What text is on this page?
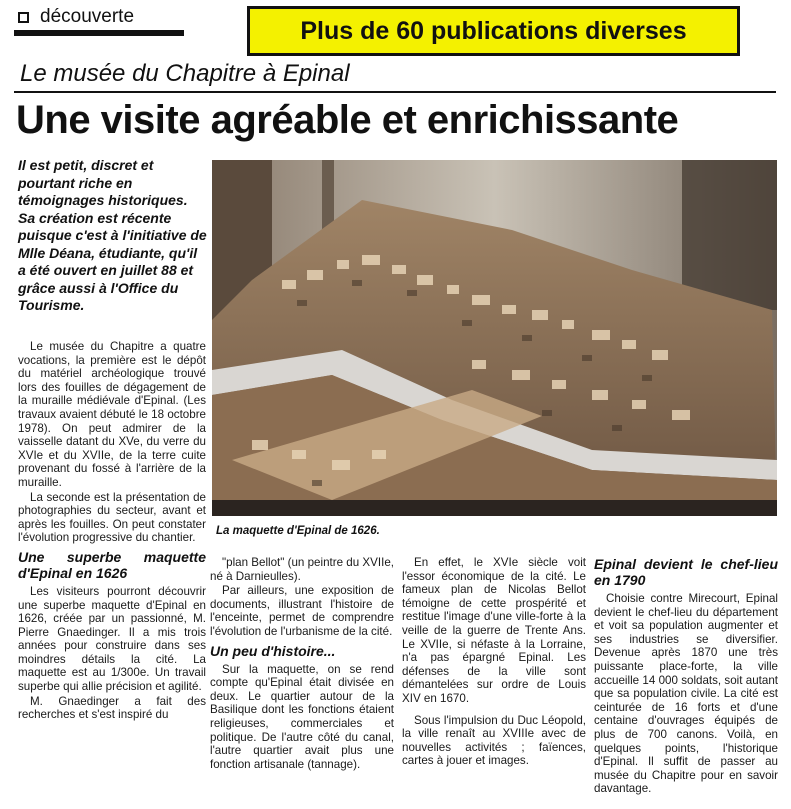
découverte	Plus de 60 publications diverses
Le musée du Chapitre à Epinal
Une visite agréable et enrichissante
Il est petit, discret et pourtant riche en témoignages historiques. Sa création est récente puisque c'est à l'initiative de Mlle Déana, étudiante, qu'il a été ouvert en juillet 88 et grâce aussi à l'Office du Tourisme.

Le musée du Chapitre a quatre vocations, la première est le dépôt du matériel archéologique trouvé lors des fouilles de dégagement de la muraille médiévale d'Epinal. (Les travaux avaient débuté le 18 octobre 1978). On peut admirer de la vaisselle datant du XVe, du verre du XVIe et du XVIIe, de la terre cuite provenant du fossé à l'arrière de la muraille.

La seconde est la présentation de photographies du secteur, avant et après les fouilles. On peut constater l'évolution progressive du chantier.

Une superbe maquette d'Epinal en 1626

Les visiteurs pourront découvrir une superbe maquette d'Epinal en 1626, créée par un passionné, M. Pierre Gnaedinger. Il a mis trois années pour construire dans ses moindres détails la cité. La maquette est au 1/300e. Un travail superbe qui allie précision et agilité.

M. Gnaedinger a fait des recherches et s'est inspiré du

La maquette d'Epinal de 1626.

"plan Bellot" (un peintre du XVIIe, né à Darnieulles).

Par ailleurs, une exposition de documents, illustrant l'histoire de l'enceinte, permet de comprendre l'évolution de l'urbanisme de la cité.

Un peu d'histoire...

Sur la maquette, on se rend compte qu'Epinal était divisée en deux. Le quartier autour de la Basilique dont les fonctions étaient religieuses, commerciales et politique. De l'autre côté du canal, l'autre quartier avait plus une fonction artisanale (tannage).

En effet, le XVIe siècle voit l'essor économique de la cité. Le fameux plan de Nicolas Bellot témoigne de cette prospérité et restitue l'image d'une ville-forte à la veille de la guerre de Trente Ans. Le XVIIe, si néfaste à la Lorraine, n'a pas épargné Epinal. Les défenses de la ville sont démantelées sur ordre de Louis XIV en 1670.

Sous l'impulsion du Duc Léopold, la ville renaît au XVIIIe avec de nouvelles activités ; faïences, cartes à jouer et images.

Epinal devient le chef-lieu en 1790

Choisie contre Mirecourt, Epinal devient le chef-lieu du département et voit sa population augmenter et ses industries se diversifier. Devenue après 1870 une très puissante place-forte, la ville accueille 14 000 soldats, soit autant que sa population civile. La cité est ceinturée de 16 forts et d'une centaine d'ouvrages équipés de plus de 700 canons. Voilà, en quelques points, l'historique d'Epinal. Il suffit de passer au musée du Chapitre pour en savoir davantage.
